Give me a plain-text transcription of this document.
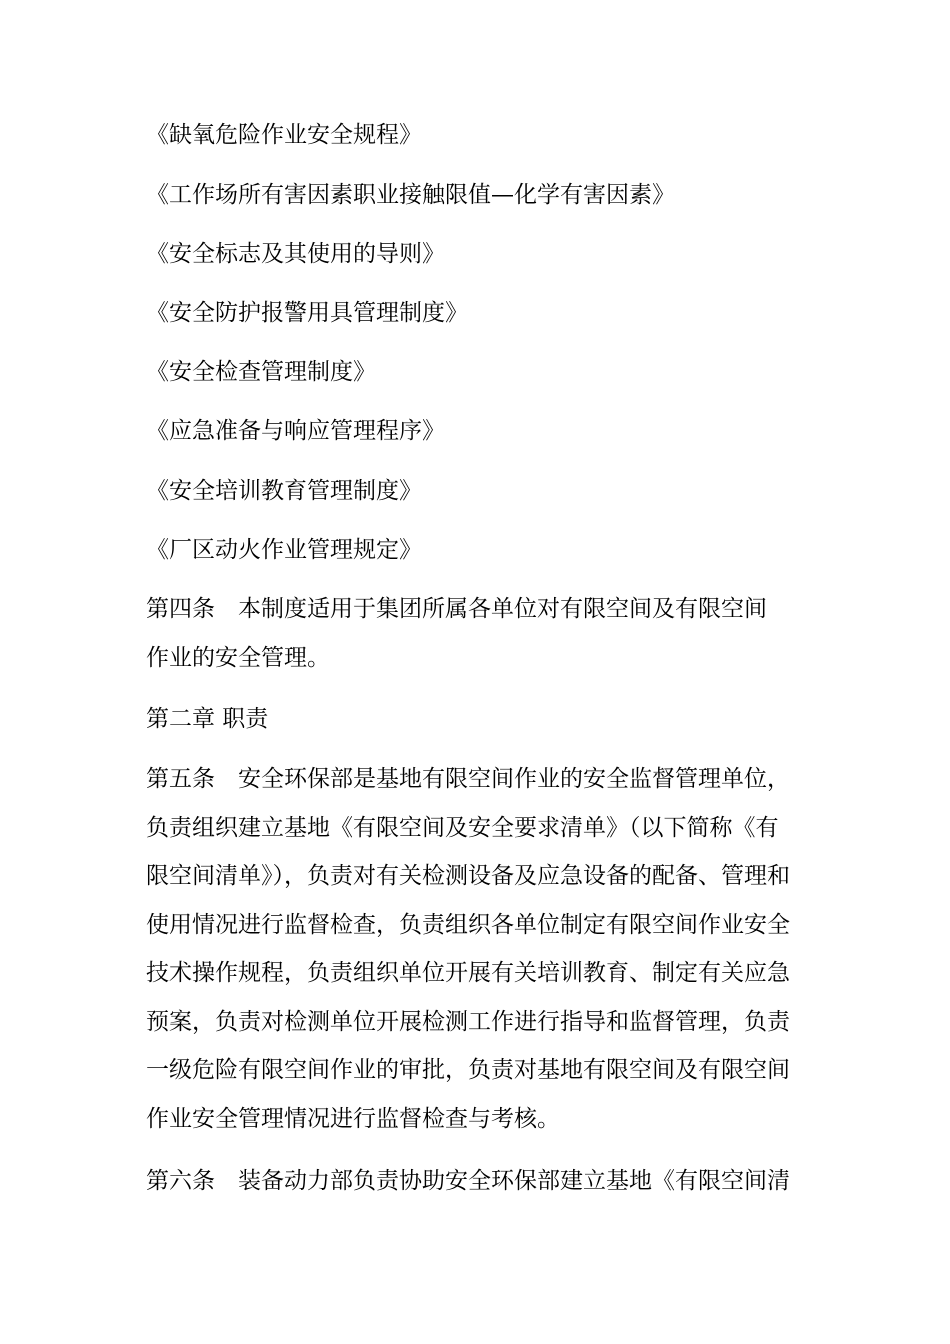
《缺氧危险作业安全规程》
《工作场所有害因素职业接触限值—化学有害因素》
《安全标志及其使用的导则》
《安全防护报警用具管理制度》
《安全检查管理制度》
《应急准备与响应管理程序》
《安全培训教育管理制度》
《厂区动火作业管理规定》
第四条 本制度适用于集团所属各单位对有限空间及有限空间
作业的安全管理。
第二章 职责
第五条 安全环保部是基地有限空间作业的安全监督管理单位，
负责组织建立基地《有限空间及安全要求清单》（以下简称《有
限空间清单》），负责对有关检测设备及应急设备的配备、管理和
使用情况进行监督检查，负责组织各单位制定有限空间作业安全
技术操作规程，负责组织单位开展有关培训教育、制定有关应急
预案，负责对检测单位开展检测工作进行指导和监督管理，负责
一级危险有限空间作业的审批，负责对基地有限空间及有限空间
作业安全管理情况进行监督检查与考核。
第六条 装备动力部负责协助安全环保部建立基地《有限空间清
